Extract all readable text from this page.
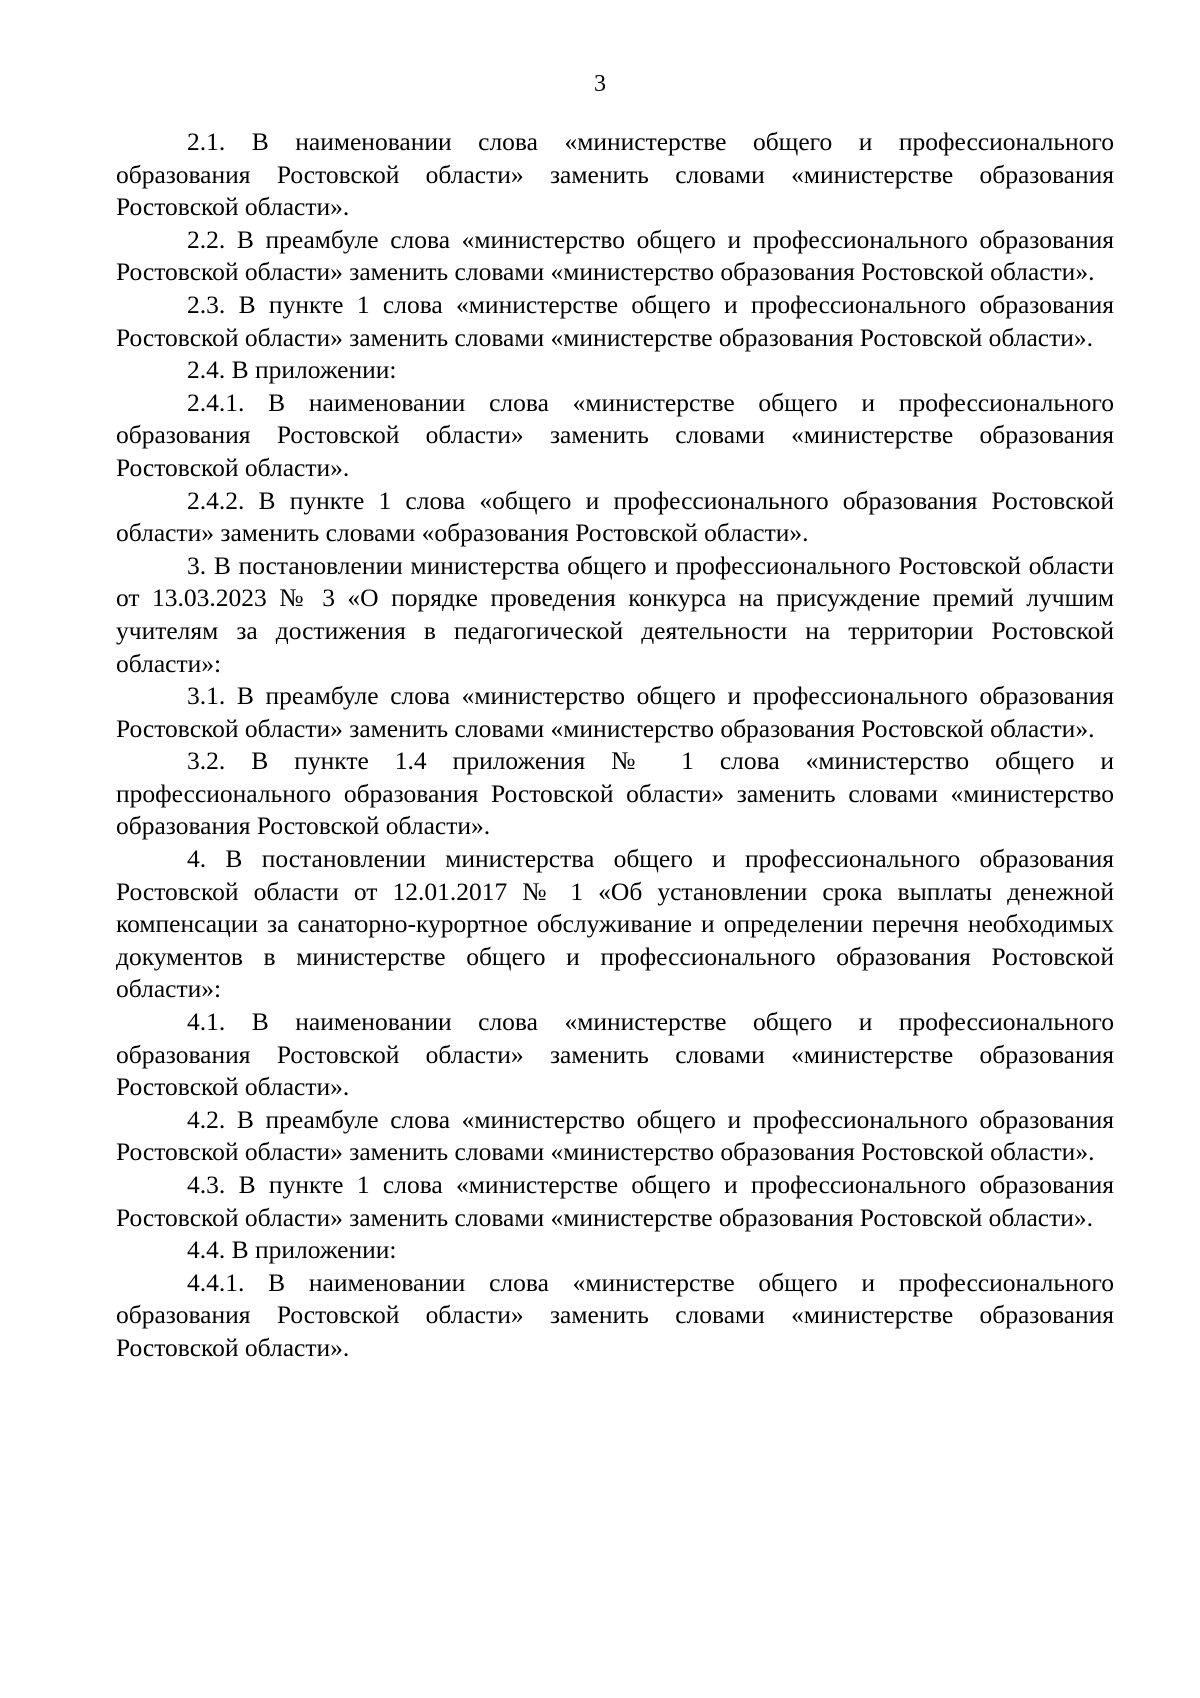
3

2.1. В наименовании слова «министерстве общего и профессионального образования Ростовской области» заменить словами «министерстве образования Ростовской области».

2.2. В преамбуле слова «министерство общего и профессионального образования Ростовской области» заменить словами «министерство образования Ростовской области».

2.3. В пункте 1 слова «министерстве общего и профессионального образования Ростовской области» заменить словами «министерстве образования Ростовской области».

2.4. В приложении:

2.4.1. В наименовании слова «министерстве общего и профессионального образования Ростовской области» заменить словами «министерстве образования Ростовской области».

2.4.2. В пункте 1 слова «общего и профессионального образования Ростовской области» заменить словами «образования Ростовской области».

3. В постановлении министерства общего и профессионального Ростовской области от 13.03.2023 № 3 «О порядке проведения конкурса на присуждение премий лучшим учителям за достижения в педагогической деятельности на территории Ростовской области»:

3.1. В преамбуле слова «министерство общего и профессионального образования Ростовской области» заменить словами «министерство образования Ростовской области».

3.2. В пункте 1.4 приложения № 1 слова «министерство общего и профессионального образования Ростовской области» заменить словами «министерство образования Ростовской области».

4. В постановлении министерства общего и профессионального образования Ростовской области от 12.01.2017 № 1 «Об установлении срока выплаты денежной компенсации за санаторно-курортное обслуживание и определении перечня необходимых документов в министерстве общего и профессионального образования Ростовской области»:

4.1. В наименовании слова «министерстве общего и профессионального образования Ростовской области» заменить словами «министерстве образования Ростовской области».

4.2. В преамбуле слова «министерство общего и профессионального образования Ростовской области» заменить словами «министерство образования Ростовской области».

4.3. В пункте 1 слова «министерстве общего и профессионального образования Ростовской области» заменить словами «министерстве образования Ростовской области».

4.4. В приложении:

4.4.1. В наименовании слова «министерстве общего и профессионального образования Ростовской области» заменить словами «министерстве образования Ростовской области».
